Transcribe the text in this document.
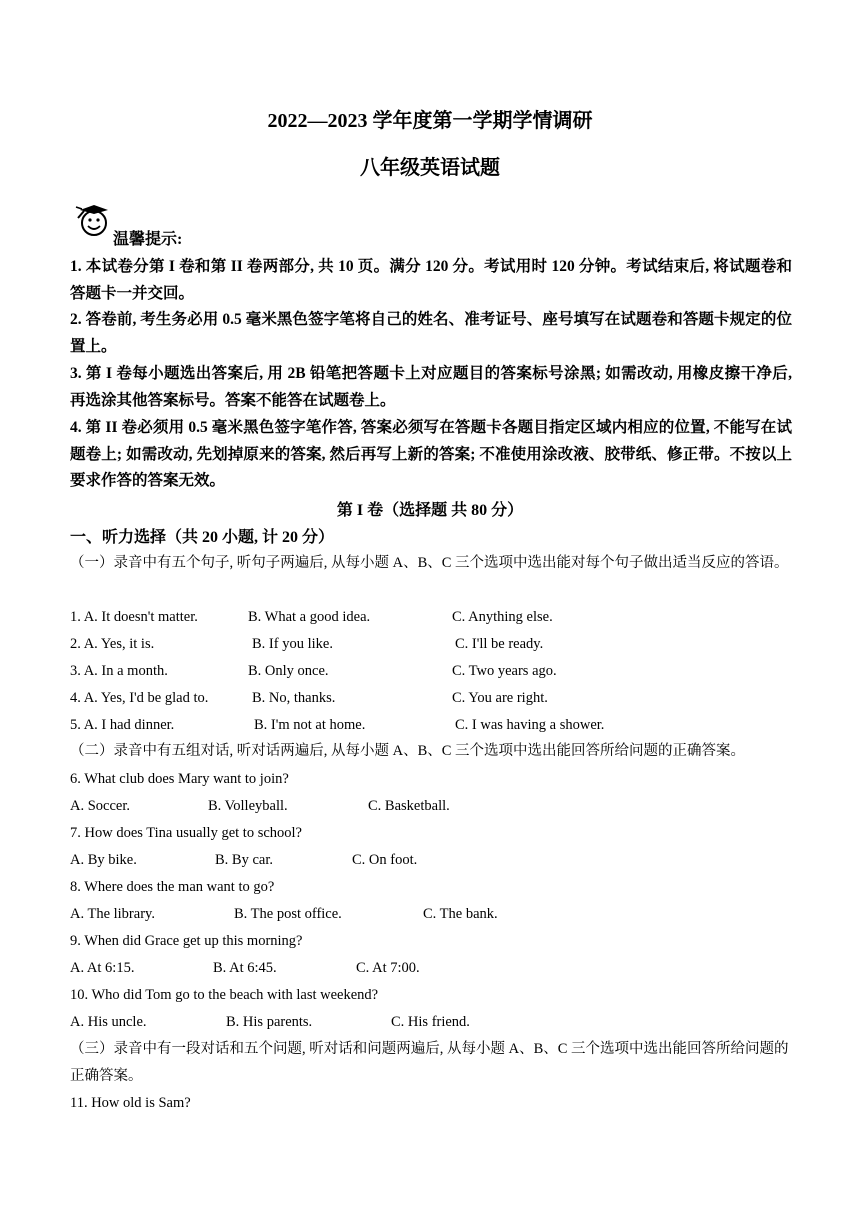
2022—2023 学年度第一学期学情调研
八年级英语试题
温馨提示:
1. 本试卷分第 I 卷和第 II 卷两部分, 共 10 页。满分 120 分。考试用时 120 分钟。考试结束后, 将试题卷和答题卡一并交回。
2. 答卷前, 考生务必用 0.5 毫米黑色签字笔将自己的姓名、准考证号、座号填写在试题卷和答题卡规定的位置上。
3. 第 I 卷每小题选出答案后, 用 2B 铅笔把答题卡上对应题目的答案标号涂黑; 如需改动, 用橡皮擦干净后, 再选涂其他答案标号。答案不能答在试题卷上。
4. 第 II 卷必须用 0.5 毫米黑色签字笔作答, 答案必须写在答题卡各题目指定区域内相应的位置, 不能写在试题卷上; 如需改动, 先划掉原来的答案, 然后再写上新的答案; 不准使用涂改液、胶带纸、修正带。不按以上要求作答的答案无效。
第 I 卷（选择题 共 80 分）
一、听力选择（共 20 小题, 计 20 分）
（一）录音中有五个句子, 听句子两遍后, 从每小题 A、B、C 三个选项中选出能对每个句子做出适当反应的答语。
1. A. It doesn't matter.	B. What a good idea.	C. Anything else.
2. A. Yes, it is.	B. If you like.	C. I'll be ready.
3. A. In a month.	B. Only once.	C. Two years ago.
4. A. Yes, I'd be glad to.	B. No, thanks.	C. You are right.
5. A. I had dinner.	B. I'm not at home.	C. I was having a shower.
（二）录音中有五组对话, 听对话两遍后, 从每小题 A、B、C 三个选项中选出能回答所给问题的正确答案。
6. What club does Mary want to join?
A. Soccer.	B. Volleyball.	C. Basketball.
7. How does Tina usually get to school?
A. By bike.	B. By car.	C. On foot.
8. Where does the man want to go?
A. The library.	B. The post office.	C. The bank.
9. When did Grace get up this morning?
A. At 6:15.	B. At 6:45.	C. At 7:00.
10. Who did Tom go to the beach with last weekend?
A. His uncle.	B. His parents.	C. His friend.
（三）录音中有一段对话和五个问题, 听对话和问题两遍后, 从每小题 A、B、C 三个选项中选出能回答所给问题的正确答案。
11. How old is Sam?
